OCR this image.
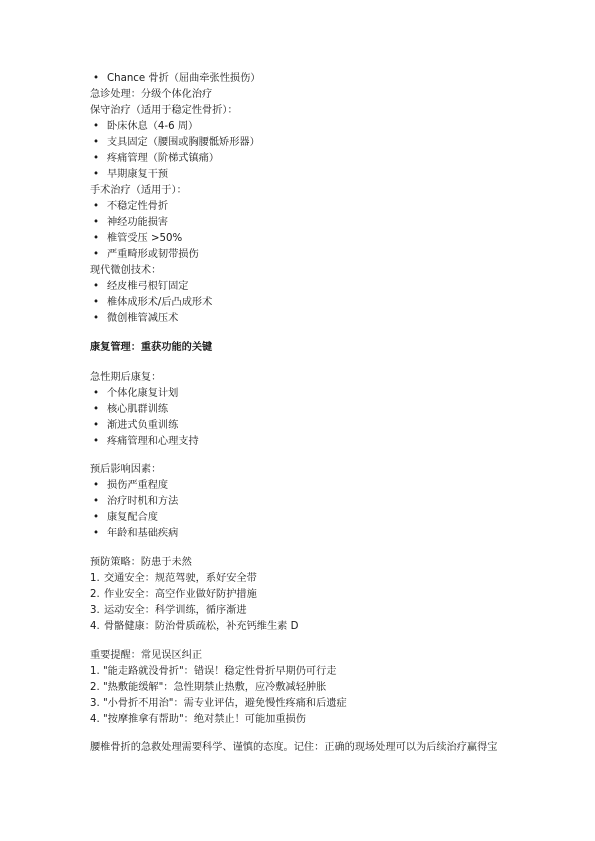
• Chance 骨折（屈曲牵张性损伤）
急诊处理：分级个体化治疗
保守治疗（适用于稳定性骨折）：
• 卧床休息（4-6 周）
• 支具固定（腰围或胸腰骶矫形器）
• 疼痛管理（阶梯式镇痛）
• 早期康复干预
手术治疗（适用于）：
• 不稳定性骨折
• 神经功能损害
• 椎管受压 >50%
• 严重畸形或韧带损伤
现代微创技术：
• 经皮椎弓根钉固定
• 椎体成形术/后凸成形术
• 微创椎管减压术
康复管理：重获功能的关键
急性期后康复：
• 个体化康复计划
• 核心肌群训练
• 渐进式负重训练
• 疼痛管理和心理支持
预后影响因素：
• 损伤严重程度
• 治疗时机和方法
• 康复配合度
• 年龄和基础疾病
预防策略：防患于未然
1. 交通安全：规范驾驶，系好安全带
2. 作业安全：高空作业做好防护措施
3. 运动安全：科学训练，循序渐进
4. 骨骼健康：防治骨质疏松，补充钙维生素 D
重要提醒：常见误区纠正
1. "能走路就没骨折"：错误！稳定性骨折早期仍可行走
2. "热敷能缓解"：急性期禁止热敷，应冷敷减轻肿胀
3. "小骨折不用治"：需专业评估，避免慢性疼痛和后遗症
4. "按摩推拿有帮助"：绝对禁止！可能加重损伤
腰椎骨折的急救处理需要科学、谨慎的态度。记住：正确的现场处理可以为后续治疗赢得宝
